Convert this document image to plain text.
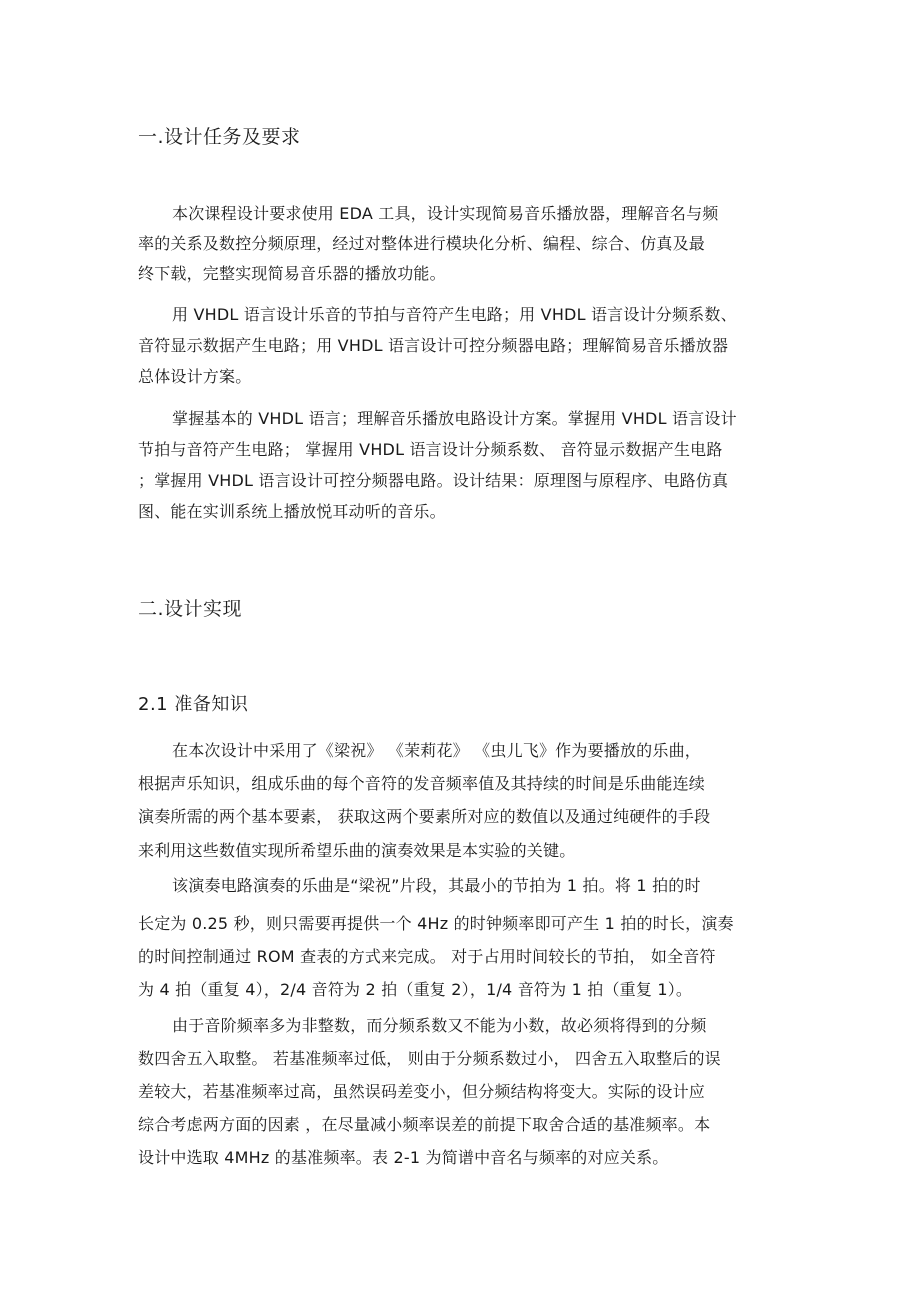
一.设计任务及要求
本次课程设计要求使用 EDA 工具，设计实现简易音乐播放器，理解音名与频
率的关系及数控分频原理，经过对整体进行模块化分析、编程、综合、仿真及最
终下载，完整实现简易音乐器的播放功能。
用 VHDL 语言设计乐音的节拍与音符产生电路；用 VHDL 语言设计分频系数、
音符显示数据产生电路；用 VHDL 语言设计可控分频器电路；理解简易音乐播放器
总体设计方案。
掌握基本的 VHDL 语言；理解音乐播放电路设计方案。掌握用 VHDL 语言设计
节拍与音符产生电路； 掌握用 VHDL 语言设计分频系数、 音符显示数据产生电路
；掌握用 VHDL 语言设计可控分频器电路。设计结果：原理图与原程序、电路仿真
图、能在实训系统上播放悦耳动听的音乐。
二.设计实现
2.1 准备知识
在本次设计中采用了《梁祝》 《茉莉花》 《虫儿飞》作为要播放的乐曲，
根据声乐知识，组成乐曲的每个音符的发音频率值及其持续的时间是乐曲能连续
演奏所需的两个基本要素， 获取这两个要素所对应的数值以及通过纯硬件的手段
来利用这些数值实现所希望乐曲的演奏效果是本实验的关键。
该演奏电路演奏的乐曲是“梁祝”片段，其最小的节拍为 1 拍。将 1 拍的时
长定为 0.25 秒，则只需要再提供一个 4Hz 的时钟频率即可产生 1 拍的时长，演奏
的时间控制通过 ROM 查表的方式来完成。 对于占用时间较长的节拍， 如全音符
为 4 拍（重复 4），2/4 音符为 2 拍（重复 2），1/4 音符为 1 拍（重复 1）。
由于音阶频率多为非整数，而分频系数又不能为小数，故必须将得到的分频
数四舍五入取整。 若基准频率过低， 则由于分频系数过小， 四舍五入取整后的误
差较大，若基准频率过高，虽然误码差变小，但分频结构将变大。实际的设计应
综合考虑两方面的因素 ，在尽量减小频率误差的前提下取舍合适的基准频率。本
设计中选取 4MHz 的基准频率。表 2-1 为简谱中音名与频率的对应关系。
